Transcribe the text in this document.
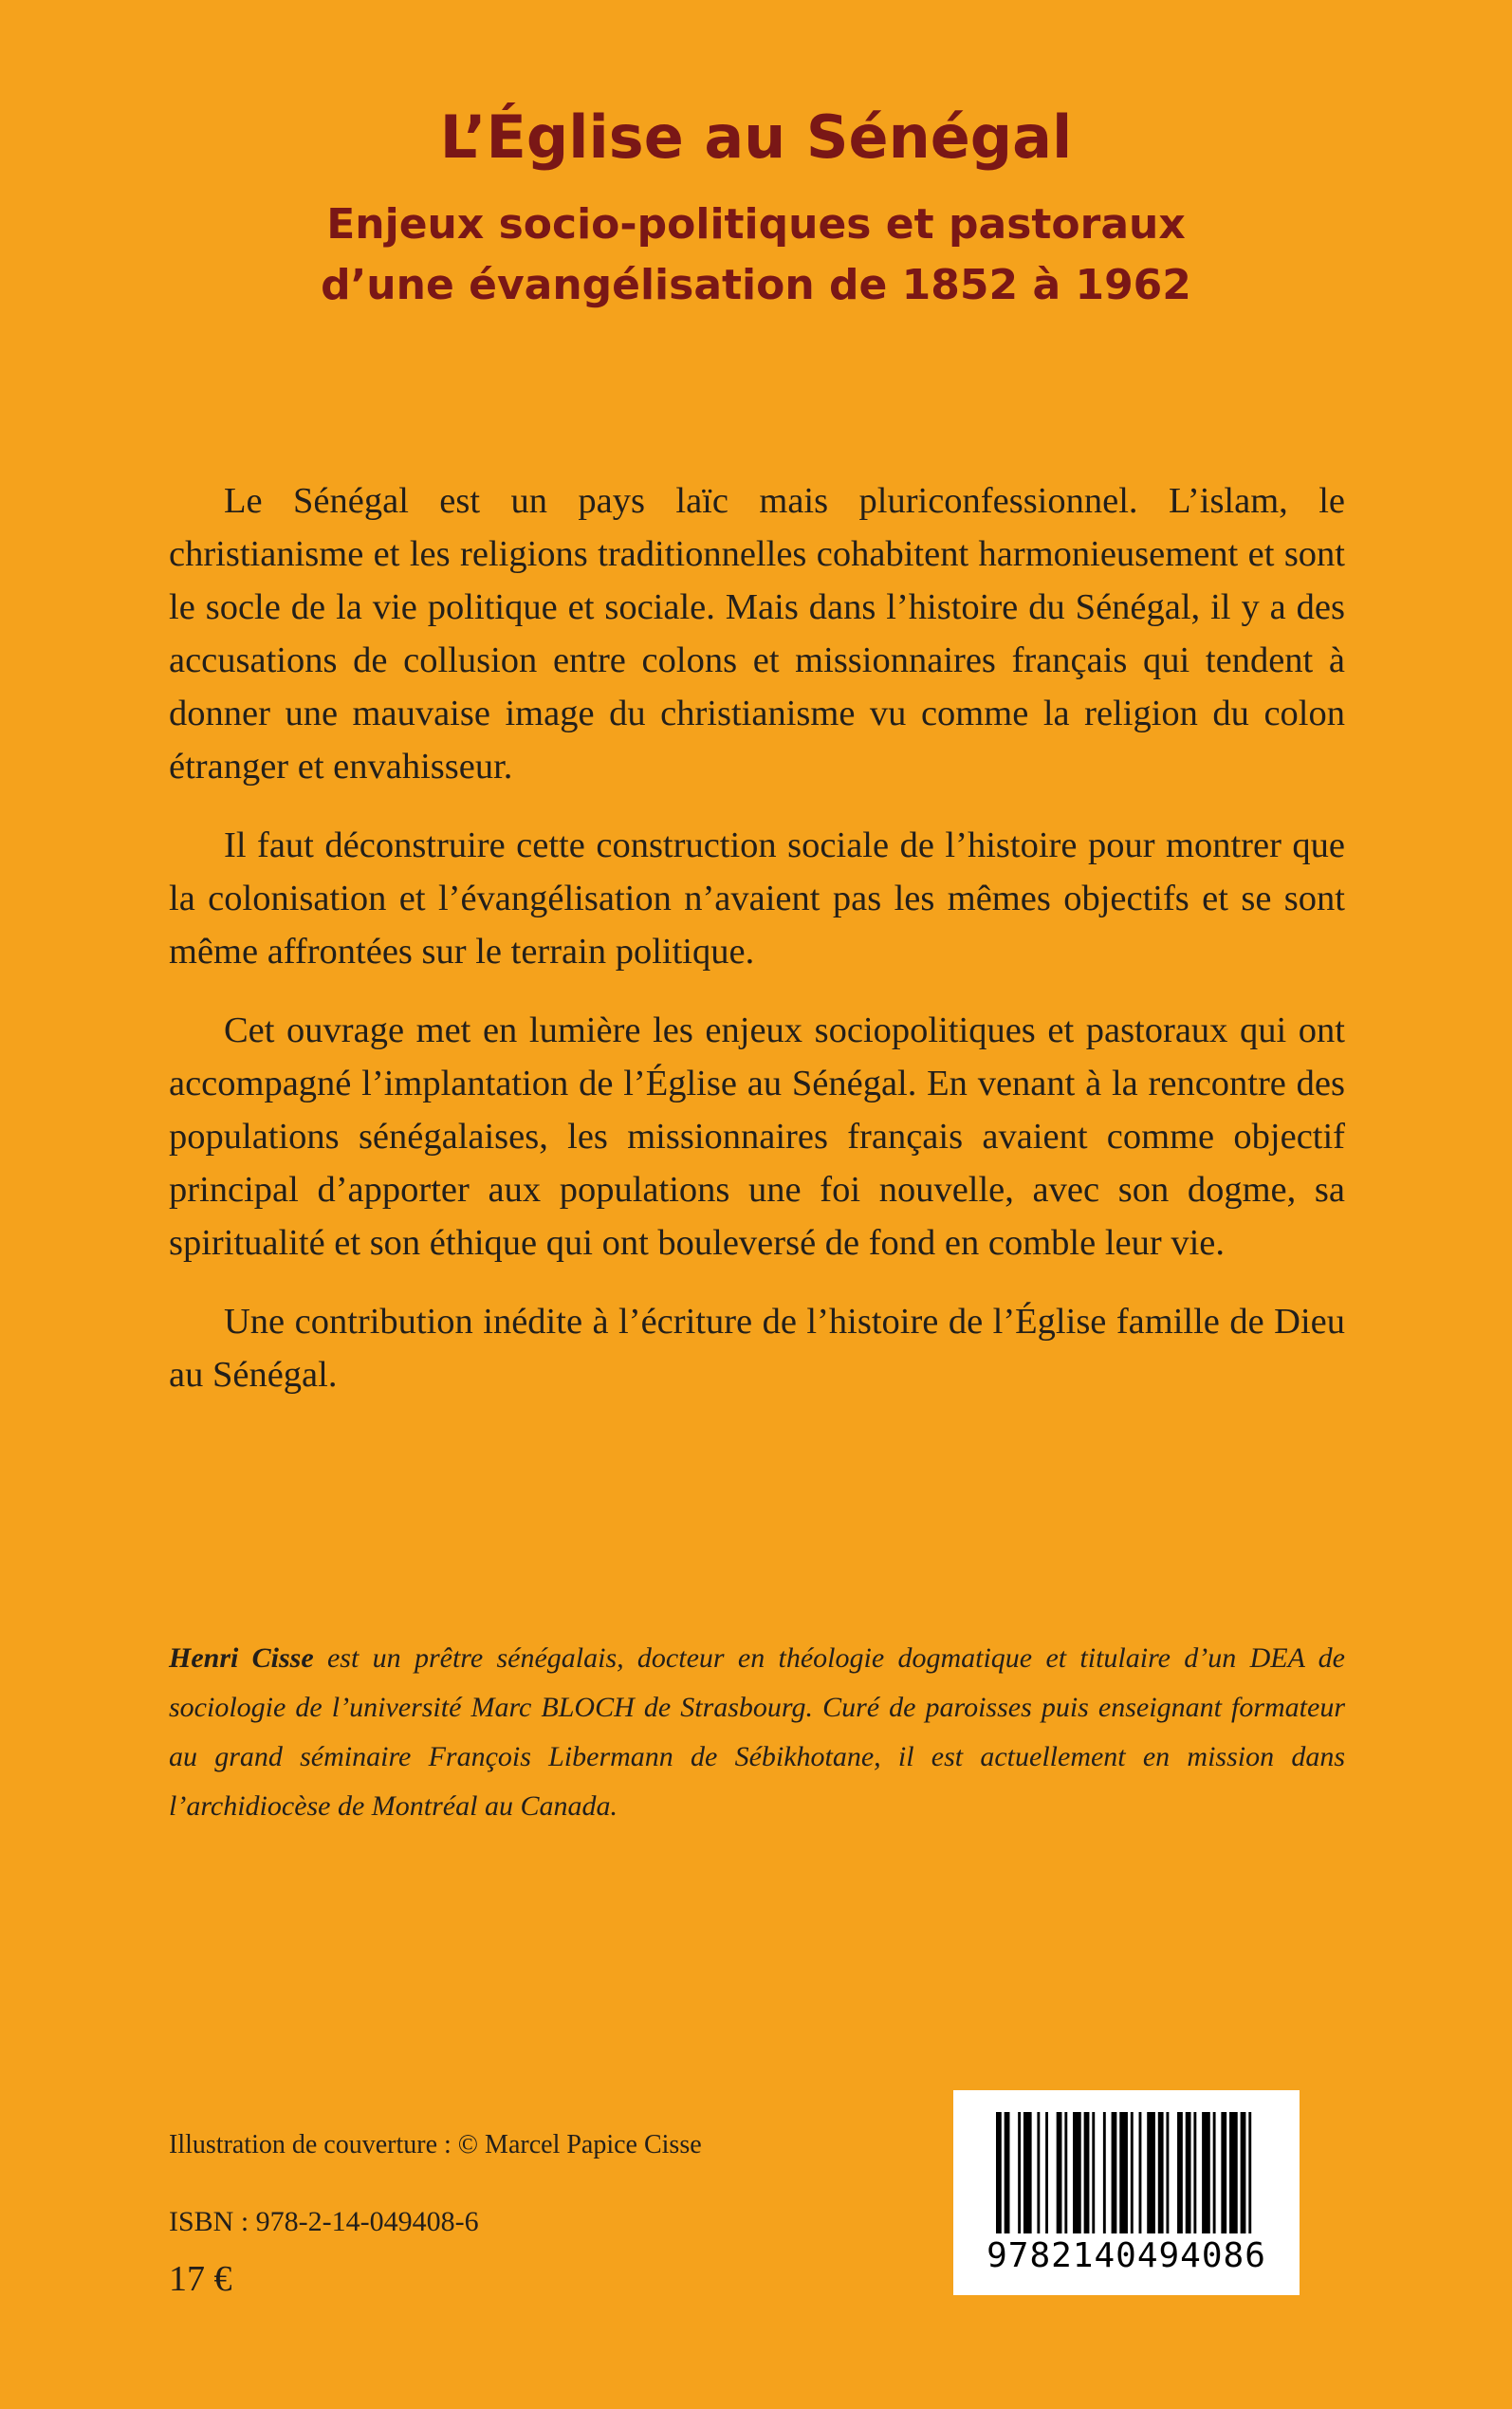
L’Église au Sénégal
Enjeux socio-politiques et pastoraux
d’une évangélisation de 1852 à 1962

Le Sénégal est un pays laïc mais pluriconfessionnel. L’islam, le christianisme et les religions traditionnelles cohabitent harmonieusement et sont le socle de la vie politique et sociale. Mais dans l’histoire du Sénégal, il y a des accusations de collusion entre colons et missionnaires français qui tendent à donner une mauvaise image du christianisme vu comme la religion du colon étranger et envahisseur.

Il faut déconstruire cette construction sociale de l’histoire pour montrer que la colonisation et l’évangélisation n’avaient pas les mêmes objectifs et se sont même affrontées sur le terrain politique.

Cet ouvrage met en lumière les enjeux sociopolitiques et pastoraux qui ont accompagné l’implantation de l’Église au Sénégal. En venant à la rencontre des populations sénégalaises, les missionnaires français avaient comme objectif principal d’apporter aux populations une foi nouvelle, avec son dogme, sa spiritualité et son éthique qui ont bouleversé de fond en comble leur vie.

Une contribution inédite à l’écriture de l’histoire de l’Église famille de Dieu au Sénégal.

Henri Cisse est un prêtre sénégalais, docteur en théologie dogmatique et titulaire d’un DEA de sociologie de l’université Marc BLOCH de Strasbourg. Curé de paroisses puis enseignant formateur au grand séminaire François Libermann de Sébikhotane, il est actuellement en mission dans l’archidiocèse de Montréal au Canada.

Illustration de couverture : © Marcel Papice Cisse

ISBN : 978-2-14-049408-6

17 €

9782140494086
